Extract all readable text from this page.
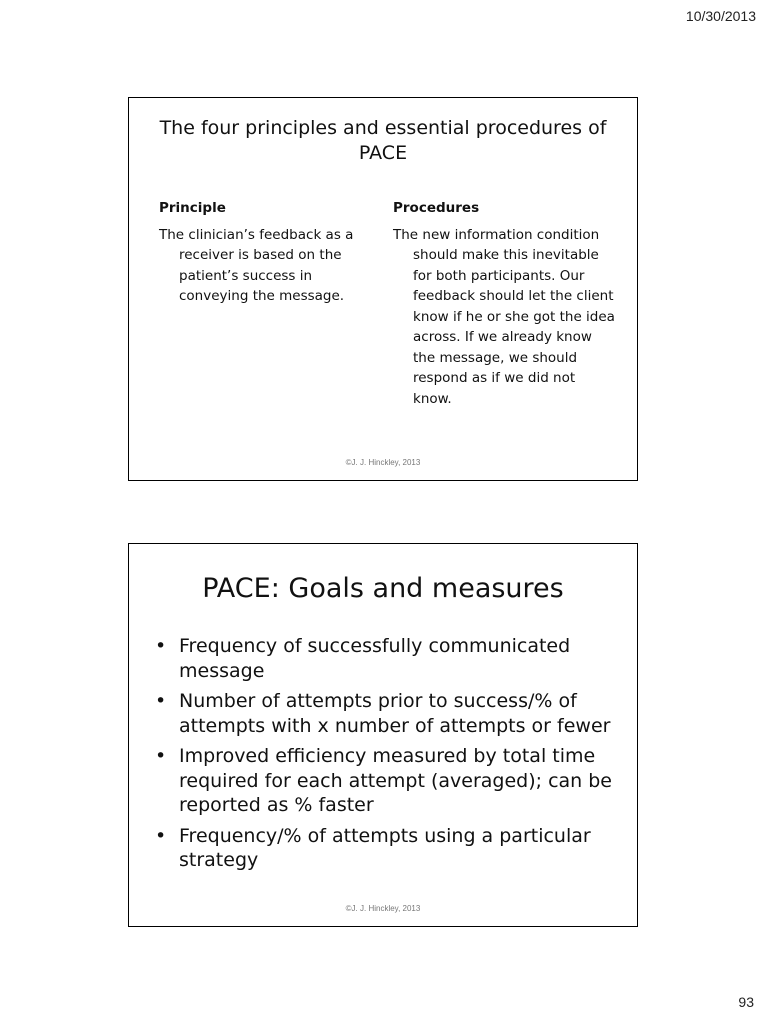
10/30/2013
The four principles and essential procedures of PACE
Principle
The clinician’s feedback as a receiver is based on the patient’s success in conveying the message.
Procedures
The new information condition should make this inevitable for both participants. Our feedback should let the client know if he or she got the idea across. If we already know the message, we should respond as if we did not know.
©J. J. Hinckley, 2013
PACE: Goals and measures
• Frequency of successfully communicated message
• Number of attempts prior to success/% of attempts with x number of attempts or fewer
• Improved efficiency measured by total time required for each attempt (averaged); can be reported as % faster
• Frequency/% of attempts using a particular strategy
©J. J. Hinckley, 2013
93
